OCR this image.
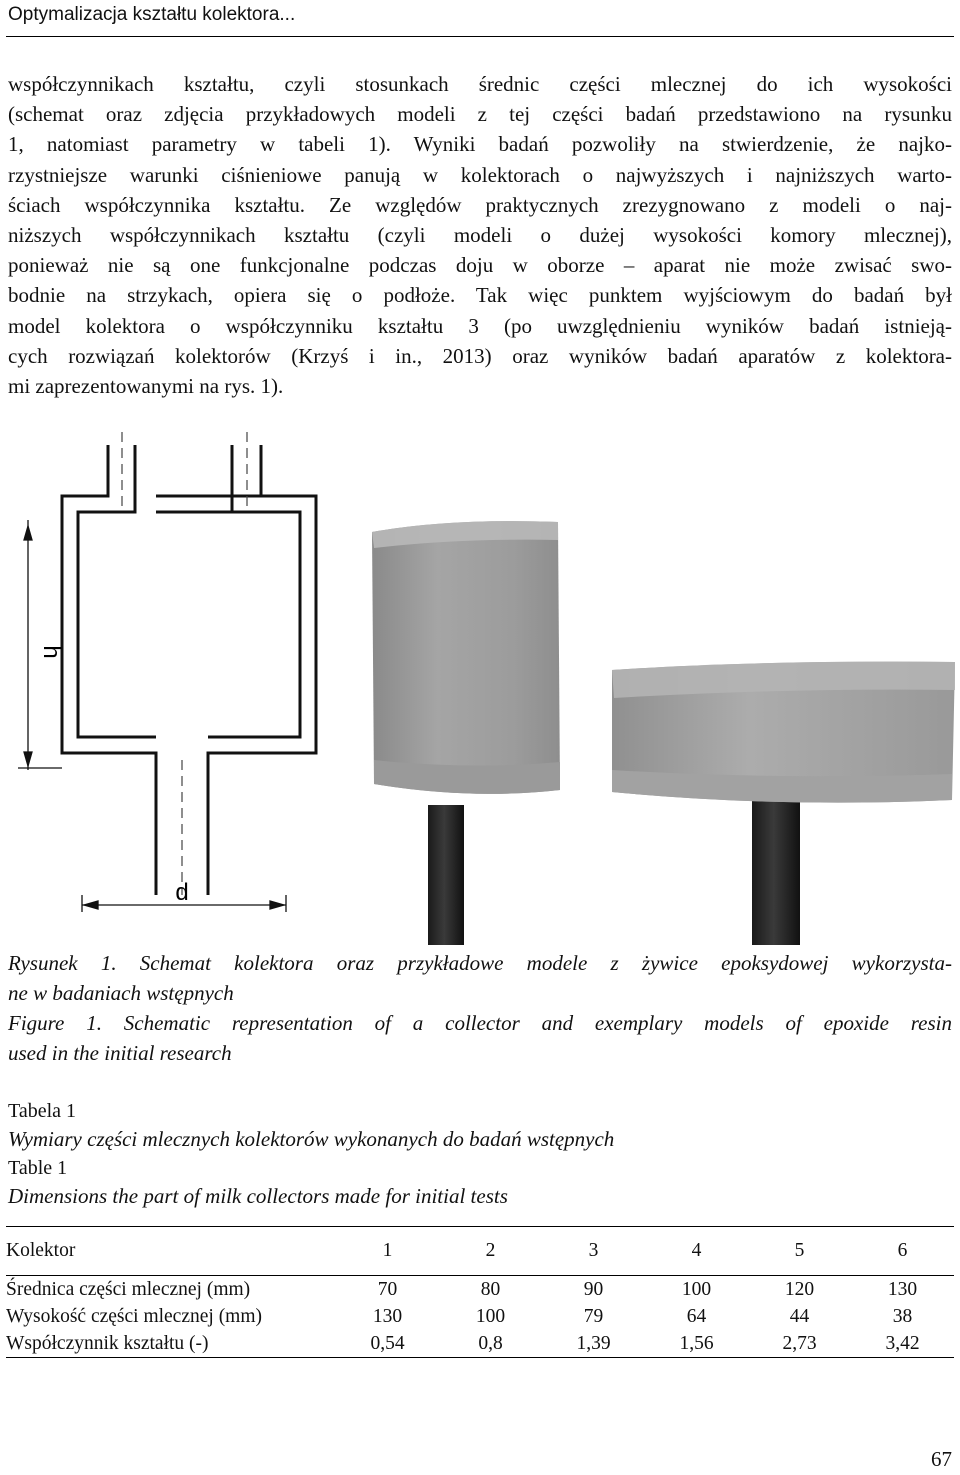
Optymalizacja kształtu kolektora...
współczynnikach kształtu, czyli stosunkach średnic części mlecznej do ich wysokości
(schemat oraz zdjęcia przykładowych modeli z tej części badań przedstawiono na rysunku
1, natomiast parametry w tabeli 1). Wyniki badań pozwoliły na stwierdzenie, że najko-
rzystniejsze warunki ciśnieniowe panują w kolektorach o najwyższych i najniższych warto-
ściach współczynnika kształtu. Ze względów praktycznych zrezygnowano z modeli o naj-
niższych współczynnikach kształtu (czyli modeli o dużej wysokości komory mlecznej),
ponieważ nie są one funkcjonalne podczas doju w oborze – aparat nie może zwisać swo-
bodnie na strzykach, opiera się o podłoże. Tak więc punktem wyjściowym do badań był
model kolektora o współczynniku kształtu 3 (po uwzględnieniu wyników badań istnieją-
cych rozwiązań kolektorów (Krzyś i in., 2013) oraz wyników badań aparatów z kolektora-
mi zaprezentowanymi na rys. 1).
h
d
Rysunek 1. Schemat kolektora oraz przykładowe modele z żywice epoksydowej wykorzysta-
ne w badaniach wstępnych
Figure 1. Schematic representation of a collector and exemplary models of epoxide resin
used in the initial research
Tabela 1
Wymiary części mlecznych kolektorów wykonanych do badań wstępnych
Table 1
Dimensions the part of milk collectors made for initial tests
Kolektor	1	2	3	4	5	6
Średnica części mlecznej (mm)	70	80	90	100	120	130
Wysokość części mlecznej (mm)	130	100	79	64	44	38
Współczynnik kształtu (-)	0,54	0,8	1,39	1,56	2,73	3,42
67
